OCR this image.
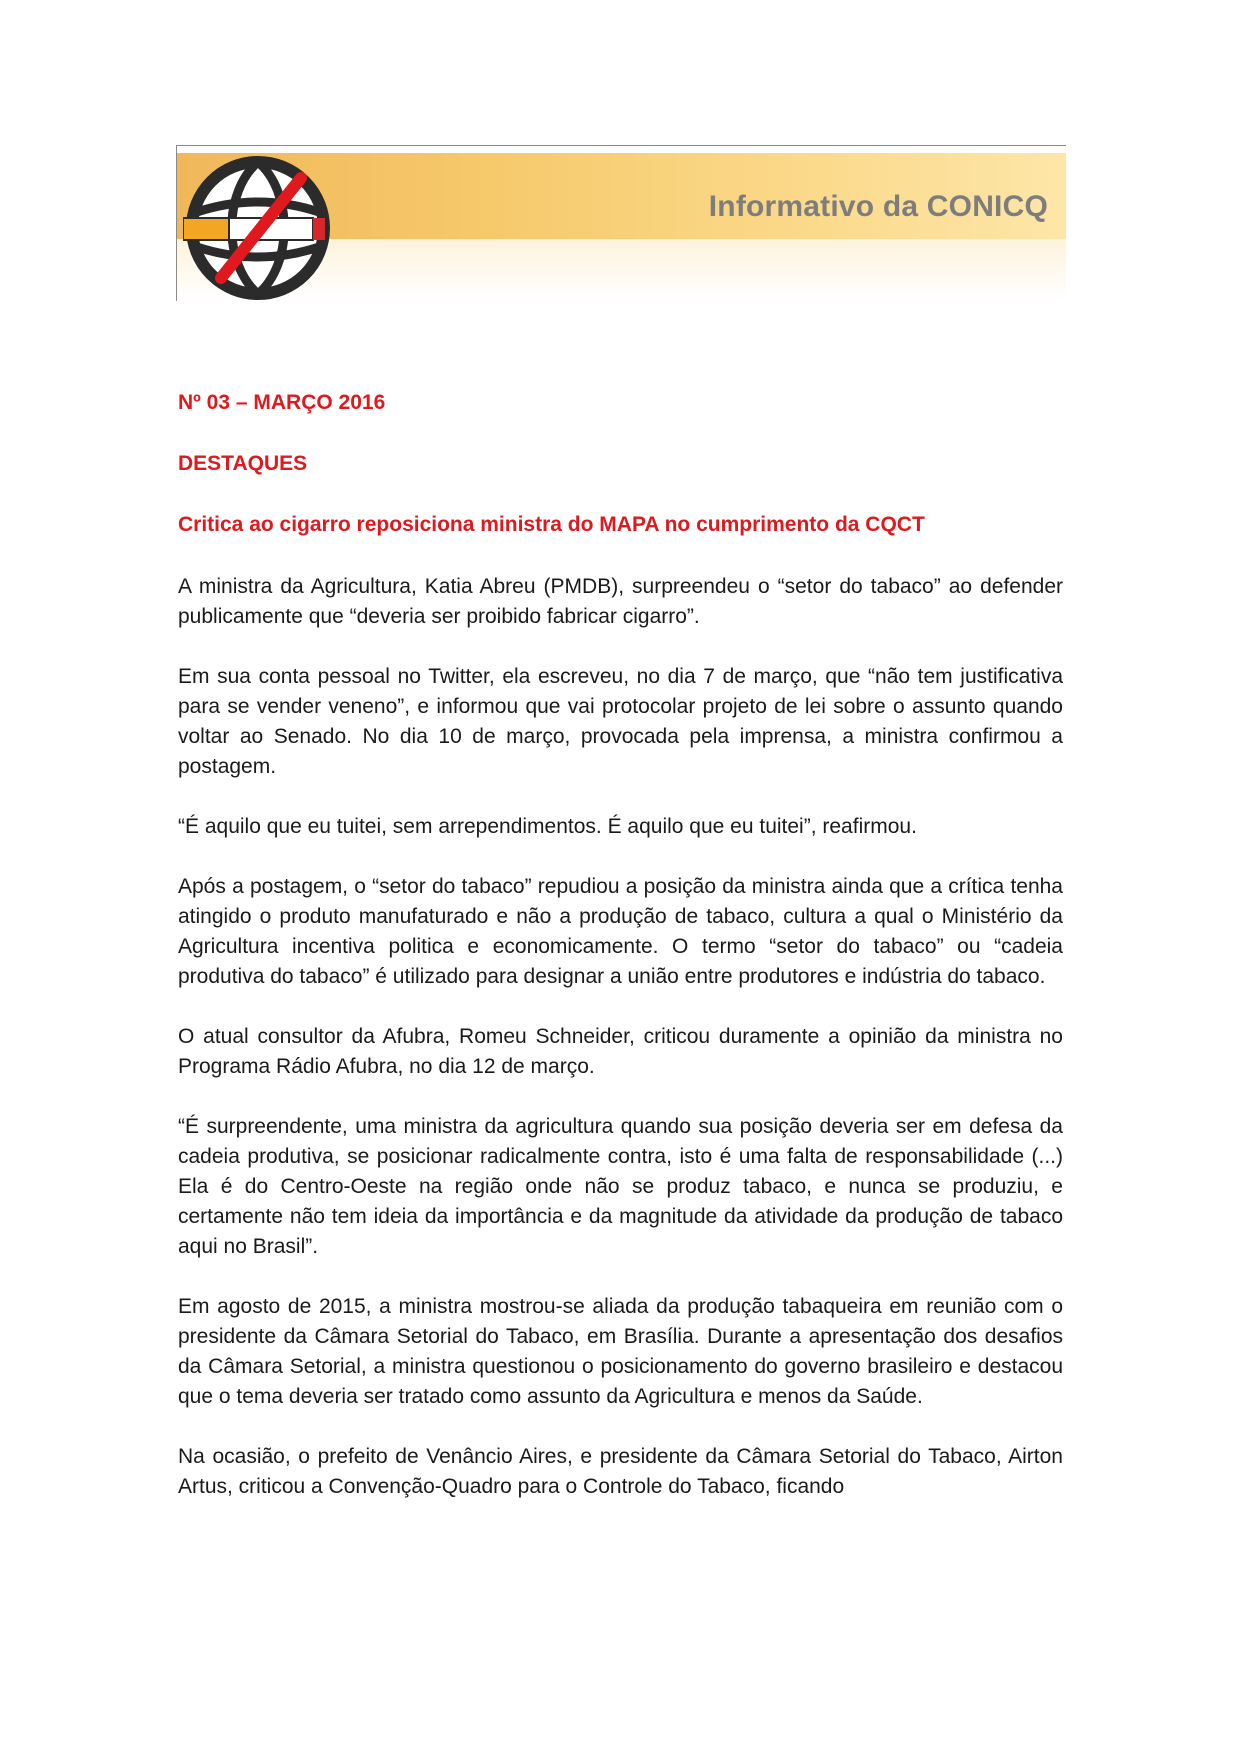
Informativo da CONICQ

Nº 03 – MARÇO 2016

DESTAQUES

Critica ao cigarro reposiciona ministra do MAPA no cumprimento da CQCT

A ministra da Agricultura, Katia Abreu (PMDB), surpreendeu o “setor do tabaco” ao defender publicamente que “deveria ser proibido fabricar cigarro”.

Em sua conta pessoal no Twitter, ela escreveu, no dia 7 de março, que “não tem justificativa para se vender veneno”, e informou que vai protocolar projeto de lei sobre o assunto quando voltar ao Senado. No dia 10 de março, provocada pela imprensa, a ministra confirmou a postagem.

“É aquilo que eu tuitei, sem arrependimentos. É aquilo que eu tuitei”, reafirmou.

Após a postagem, o “setor do tabaco” repudiou a posição da ministra ainda que a crítica tenha atingido o produto manufaturado e não a produção de tabaco, cultura a qual o Ministério da Agricultura incentiva politica e economicamente. O termo “setor do tabaco” ou “cadeia produtiva do tabaco” é utilizado para designar a união entre produtores e indústria do tabaco.

O atual consultor da Afubra, Romeu Schneider, criticou duramente a opinião da ministra no Programa Rádio Afubra, no dia 12 de março.

“É surpreendente, uma ministra da agricultura quando sua posição deveria ser em defesa da cadeia produtiva, se posicionar radicalmente contra, isto é uma falta de responsabilidade (...) Ela é do Centro-Oeste na região onde não se produz tabaco, e nunca se produziu, e certamente não tem ideia da importância e da magnitude da atividade da produção de tabaco aqui no Brasil”.

Em agosto de 2015, a ministra mostrou-se aliada da produção tabaqueira em reunião com o presidente da Câmara Setorial do Tabaco, em Brasília. Durante a apresentação dos desafios da Câmara Setorial, a ministra questionou o posicionamento do governo brasileiro e destacou que o tema deveria ser tratado como assunto da Agricultura e menos da Saúde.

Na ocasião, o prefeito de Venâncio Aires, e presidente da Câmara Setorial do Tabaco, Airton Artus, criticou a Convenção-Quadro para o Controle do Tabaco, ficando
